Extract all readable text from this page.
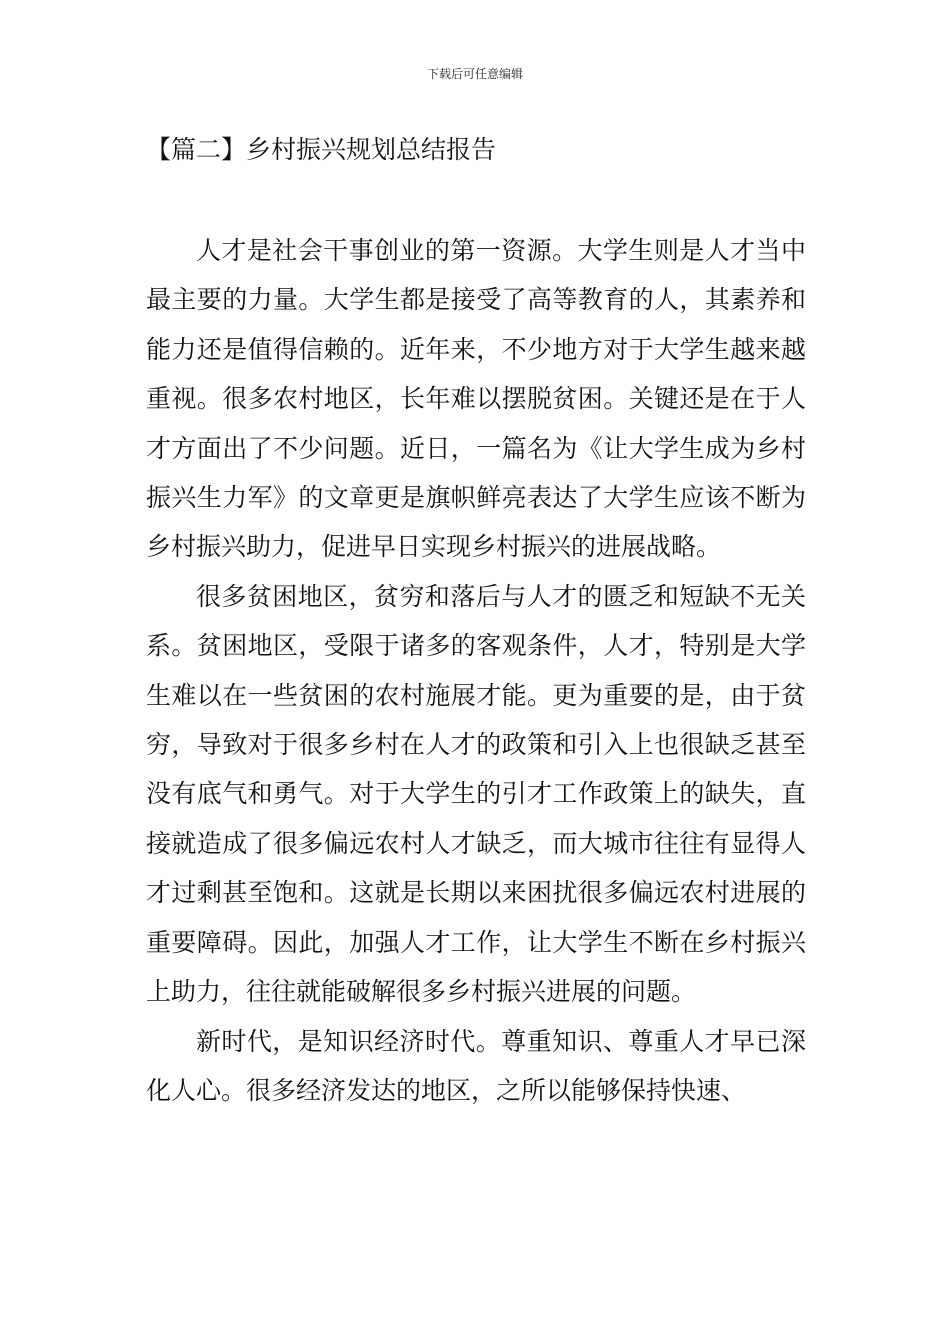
下载后可任意编辑
【篇二】乡村振兴规划总结报告

人才是社会干事创业的第一资源。大学生则是人才当中最主要的力量。大学生都是接受了高等教育的人，其素养和能力还是值得信赖的。近年来，不少地方对于大学生越来越重视。很多农村地区，长年难以摆脱贫困。关键还是在于人才方面出了不少问题。近日，一篇名为《让大学生成为乡村振兴生力军》的文章更是旗帜鲜亮表达了大学生应该不断为乡村振兴助力，促进早日实现乡村振兴的进展战略。

很多贫困地区，贫穷和落后与人才的匮乏和短缺不无关系。贫困地区，受限于诸多的客观条件，人才，特别是大学生难以在一些贫困的农村施展才能。更为重要的是，由于贫穷，导致对于很多乡村在人才的政策和引入上也很缺乏甚至没有底气和勇气。对于大学生的引才工作政策上的缺失，直接就造成了很多偏远农村人才缺乏，而大城市往往有显得人才过剩甚至饱和。这就是长期以来困扰很多偏远农村进展的重要障碍。因此，加强人才工作，让大学生不断在乡村振兴上助力，往往就能破解很多乡村振兴进展的问题。

新时代，是知识经济时代。尊重知识、尊重人才早已深化人心。很多经济发达的地区，之所以能够保持快速、
